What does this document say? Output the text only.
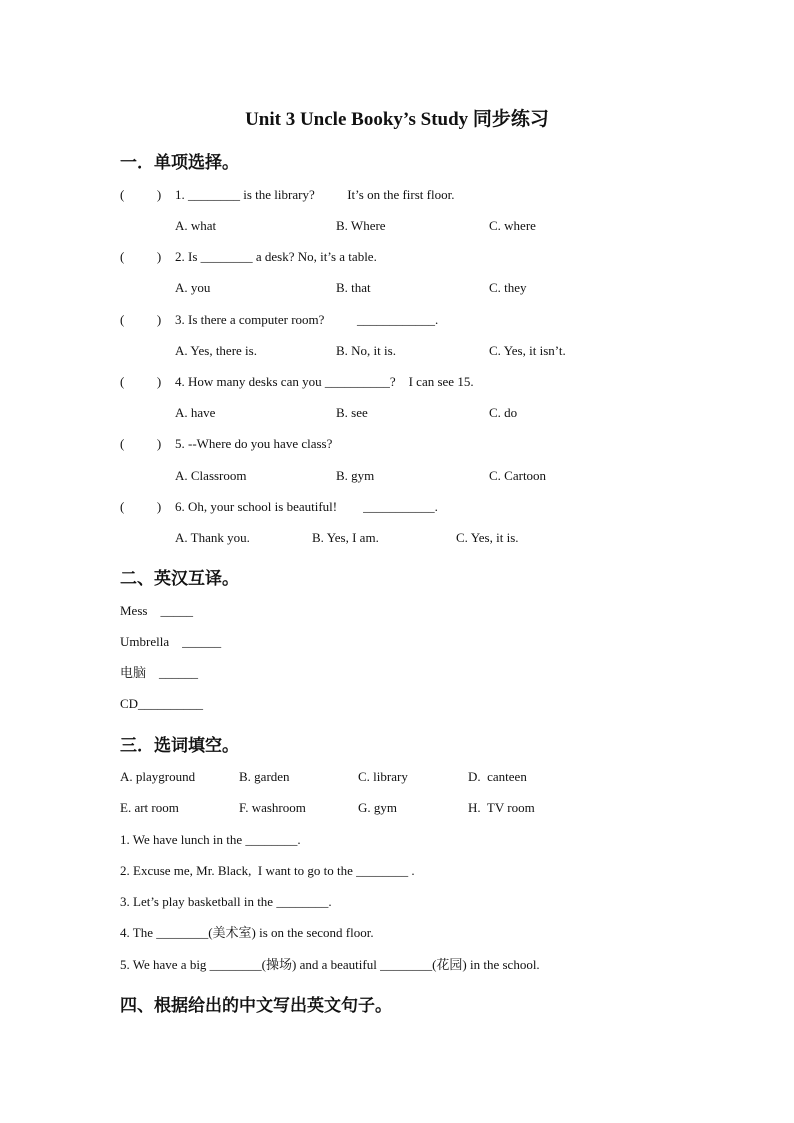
Unit 3 Uncle Booky’s Study 同步练习
一．单项选择。
(          ) 1. ________ is the library?          It’s on the first floor.
A. what	B. Where	C. where
(          ) 2. Is ________ a desk? No, it’s a table.
A. you	B. that	C. they
(          ) 3. Is there a computer room?          ____________.
A. Yes, there is.	B. No, it is.	C. Yes, it isn’t.
(          ) 4. How many desks can you __________?    I can see 15.
A. have	B. see	C. do
(          ) 5. --Where do you have class?
A. Classroom	B. gym	C. Cartoon
(          ) 6. Oh, your school is beautiful!        ___________.
A. Thank you.	B. Yes, I am.	C. Yes, it is.
二、英汉互译。
Mess    _____
Umbrella    ______
电脑    ______
CD__________
三．选词填空。
A. playground	B. garden	C. library	D.  canteen
E. art room	F. washroom	G. gym	H.  TV room
1. We have lunch in the ________.
2. Excuse me, Mr. Black,  I want to go to the ________ .
3. Let’s play basketball in the ________.
4. The ________(美术室) is on the second floor.
5. We have a big ________(操场) and a beautiful ________(花园) in the school.
四、根据给出的中文写出英文句子。
